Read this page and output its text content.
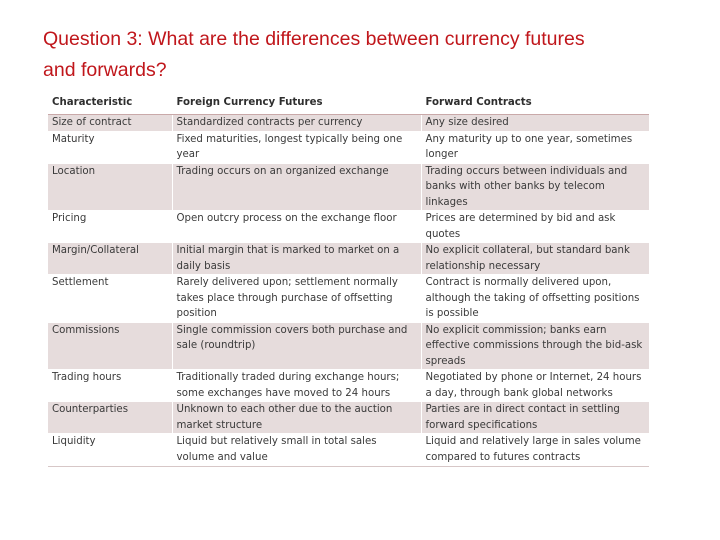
Question 3: What are the differences between currency futures
and forwards?
Characteristic	Foreign Currency Futures	Forward Contracts
Size of contract	Standardized contracts per currency	Any size desired
Maturity	Fixed maturities, longest typically being one year	Any maturity up to one year, sometimes longer
Location	Trading occurs on an organized exchange	Trading occurs between individuals and banks with other banks by telecom linkages
Pricing	Open outcry process on the exchange floor	Prices are determined by bid and ask quotes
Margin/Collateral	Initial margin that is marked to market on a daily basis	No explicit collateral, but standard bank relationship necessary
Settlement	Rarely delivered upon; settlement normally takes place through purchase of offsetting position	Contract is normally delivered upon, although the taking of offsetting positions is possible
Commissions	Single commission covers both purchase and sale (roundtrip)	No explicit commission; banks earn effective commissions through the bid-ask spreads
Trading hours	Traditionally traded during exchange hours; some exchanges have moved to 24 hours	Negotiated by phone or Internet, 24 hours a day, through bank global networks
Counterparties	Unknown to each other due to the auction market structure	Parties are in direct contact in settling forward specifications
Liquidity	Liquid but relatively small in total sales volume and value	Liquid and relatively large in sales volume compared to futures contracts
